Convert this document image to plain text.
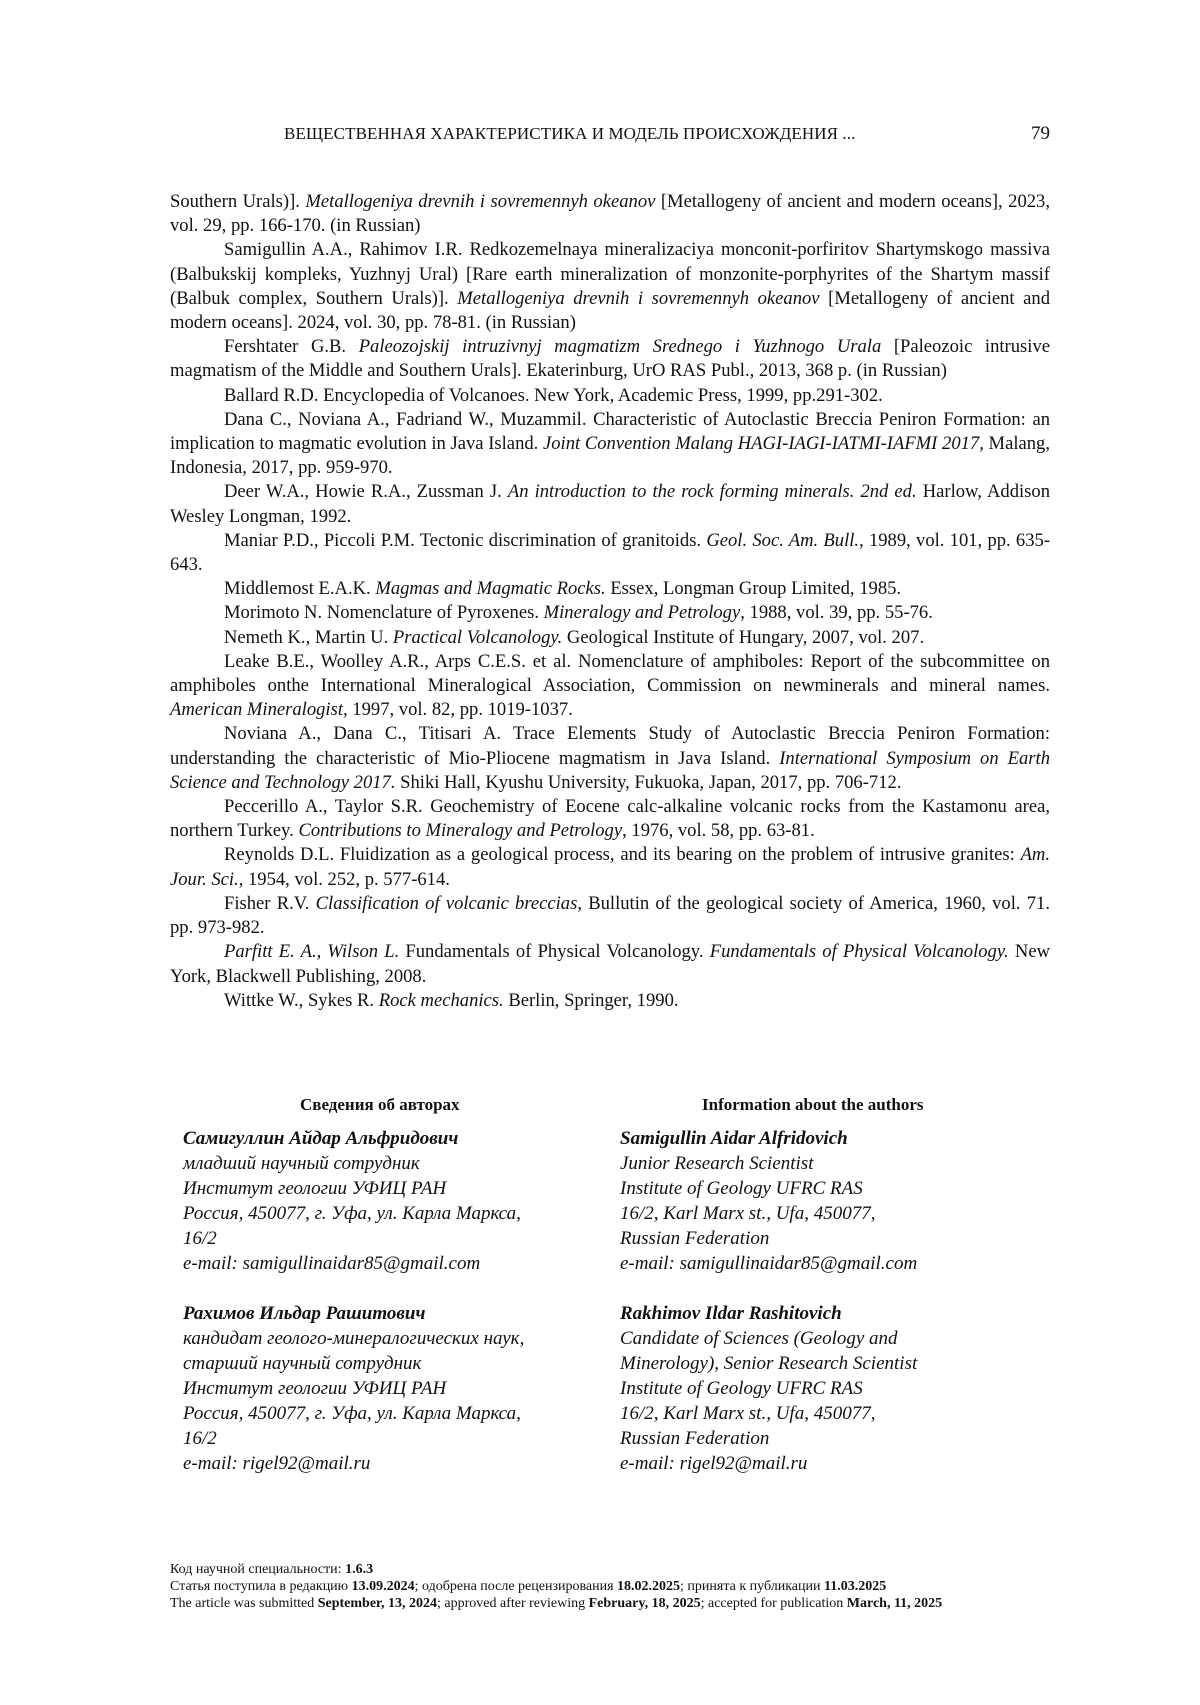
ВЕЩЕСТВЕННАЯ ХАРАКТЕРИСТИКА И МОДЕЛЬ ПРОИСХОЖДЕНИЯ ...	79

Southern Urals)]. Metallogeniya drevnih i sovremennyh okeanov [Metallogeny of ancient and modern oceans], 2023, vol. 29, pp. 166-170. (in Russian)

Samigullin A.A., Rahimov I.R. Redkozemelnaya mineralizaciya monconit-porfiritov Shartymskogo massiva (Balbukskij kompleks, Yuzhnyj Ural) [Rare earth mineralization of monzonite-porphyrites of the Shartym massif (Balbuk complex, Southern Urals)]. Metallogeniya drevnih i sovremennyh okeanov [Metallogeny of ancient and modern oceans]. 2024, vol. 30, pp. 78-81. (in Russian)

Fershtater G.B. Paleozojskij intruzivnyj magmatizm Srednego i Yuzhnogo Urala [Paleozoic intrusive magmatism of the Middle and Southern Urals]. Ekaterinburg, UrO RAS Publ., 2013, 368 p. (in Russian)

Ballard R.D. Encyclopedia of Volcanoes. New York, Academic Press, 1999, pp.291-302.

Dana C., Noviana A., Fadriand W., Muzammil. Characteristic of Autoclastic Breccia Peniron Formation: an implication to magmatic evolution in Java Island. Joint Convention Malang HAGI-IAGI-IATMI-IAFMI 2017, Malang, Indonesia, 2017, pp. 959-970.

Deer W.A., Howie R.A., Zussman J. An introduction to the rock forming minerals. 2nd ed. Harlow, Addison Wesley Longman, 1992.

Maniar P.D., Piccoli P.M. Tectonic discrimination of granitoids. Geol. Soc. Am. Bull., 1989, vol. 101, pp. 635-643.

Middlemost E.A.K. Magmas and Magmatic Rocks. Essex, Longman Group Limited, 1985.

Morimoto N. Nomenclature of Pyroxenes. Mineralogy and Petrology, 1988, vol. 39, pp. 55-76.

Nemeth K., Martin U. Practical Volcanology. Geological Institute of Hungary, 2007, vol. 207.

Leake B.E., Woolley A.R., Arps C.E.S. et al. Nomenclature of amphiboles: Report of the subcommittee on amphiboles onthe International Mineralogical Association, Commission on newminerals and mineral names. American Mineralogist, 1997, vol. 82, pp. 1019-1037.

Noviana A., Dana C., Titisari A. Trace Elements Study of Autoclastic Breccia Peniron Formation: understanding the characteristic of Mio-Pliocene magmatism in Java Island. International Symposium on Earth Science and Technology 2017. Shiki Hall, Kyushu University, Fukuoka, Japan, 2017, pp. 706-712.

Peccerillo A., Taylor S.R. Geochemistry of Eocene calc-alkaline volcanic rocks from the Kastamonu area, northern Turkey. Contributions to Mineralogy and Petrology, 1976, vol. 58, pp. 63-81.

Reynolds D.L. Fluidization as a geological process, and its bearing on the problem of intrusive granites: Am. Jour. Sci., 1954, vol. 252, p. 577-614.

Fisher R.V. Classification of volcanic breccias, Bullutin of the geological society of America, 1960, vol. 71. pp. 973-982.

Parfitt E. A., Wilson L. Fundamentals of Physical Volcanology. Fundamentals of Physical Volcanology. New York, Blackwell Publishing, 2008.

Wittke W., Sykes R. Rock mechanics. Berlin, Springer, 1990.

Сведения об авторах	Information about the authors
Самигуллин Айдар Альфридович
младший научный сотрудник
Институт геологии УФИЦ РАН
Россия, 450077, г. Уфа, ул. Карла Маркса,
16/2
e-mail: samigullinaidar85@gmail.com
Рахимов Ильдар Рашитович
кандидат геолого-минералогических наук,
старший научный сотрудник
Институт геологии УФИЦ РАН
Россия, 450077, г. Уфа, ул. Карла Маркса,
16/2
e-mail: rigel92@mail.ru
Samigullin Aidar Alfridovich
Junior Research Scientist
Institute of Geology UFRC RAS
16/2, Karl Marx st., Ufa, 450077,
Russian Federation
e-mail: samigullinaidar85@gmail.com
Rakhimov Ildar Rashitovich
Candidate of Sciences (Geology and
Minerology), Senior Research Scientist
Institute of Geology UFRC RAS
16/2, Karl Marx st., Ufa, 450077,
Russian Federation
e-mail: rigel92@mail.ru
Код научной специальности: 1.6.3
Статья поступила в редакцию 13.09.2024; одобрена после рецензирования 18.02.2025; принята к публикации 11.03.2025
The article was submitted September, 13, 2024; approved after reviewing February, 18, 2025; accepted for publication March, 11, 2025
